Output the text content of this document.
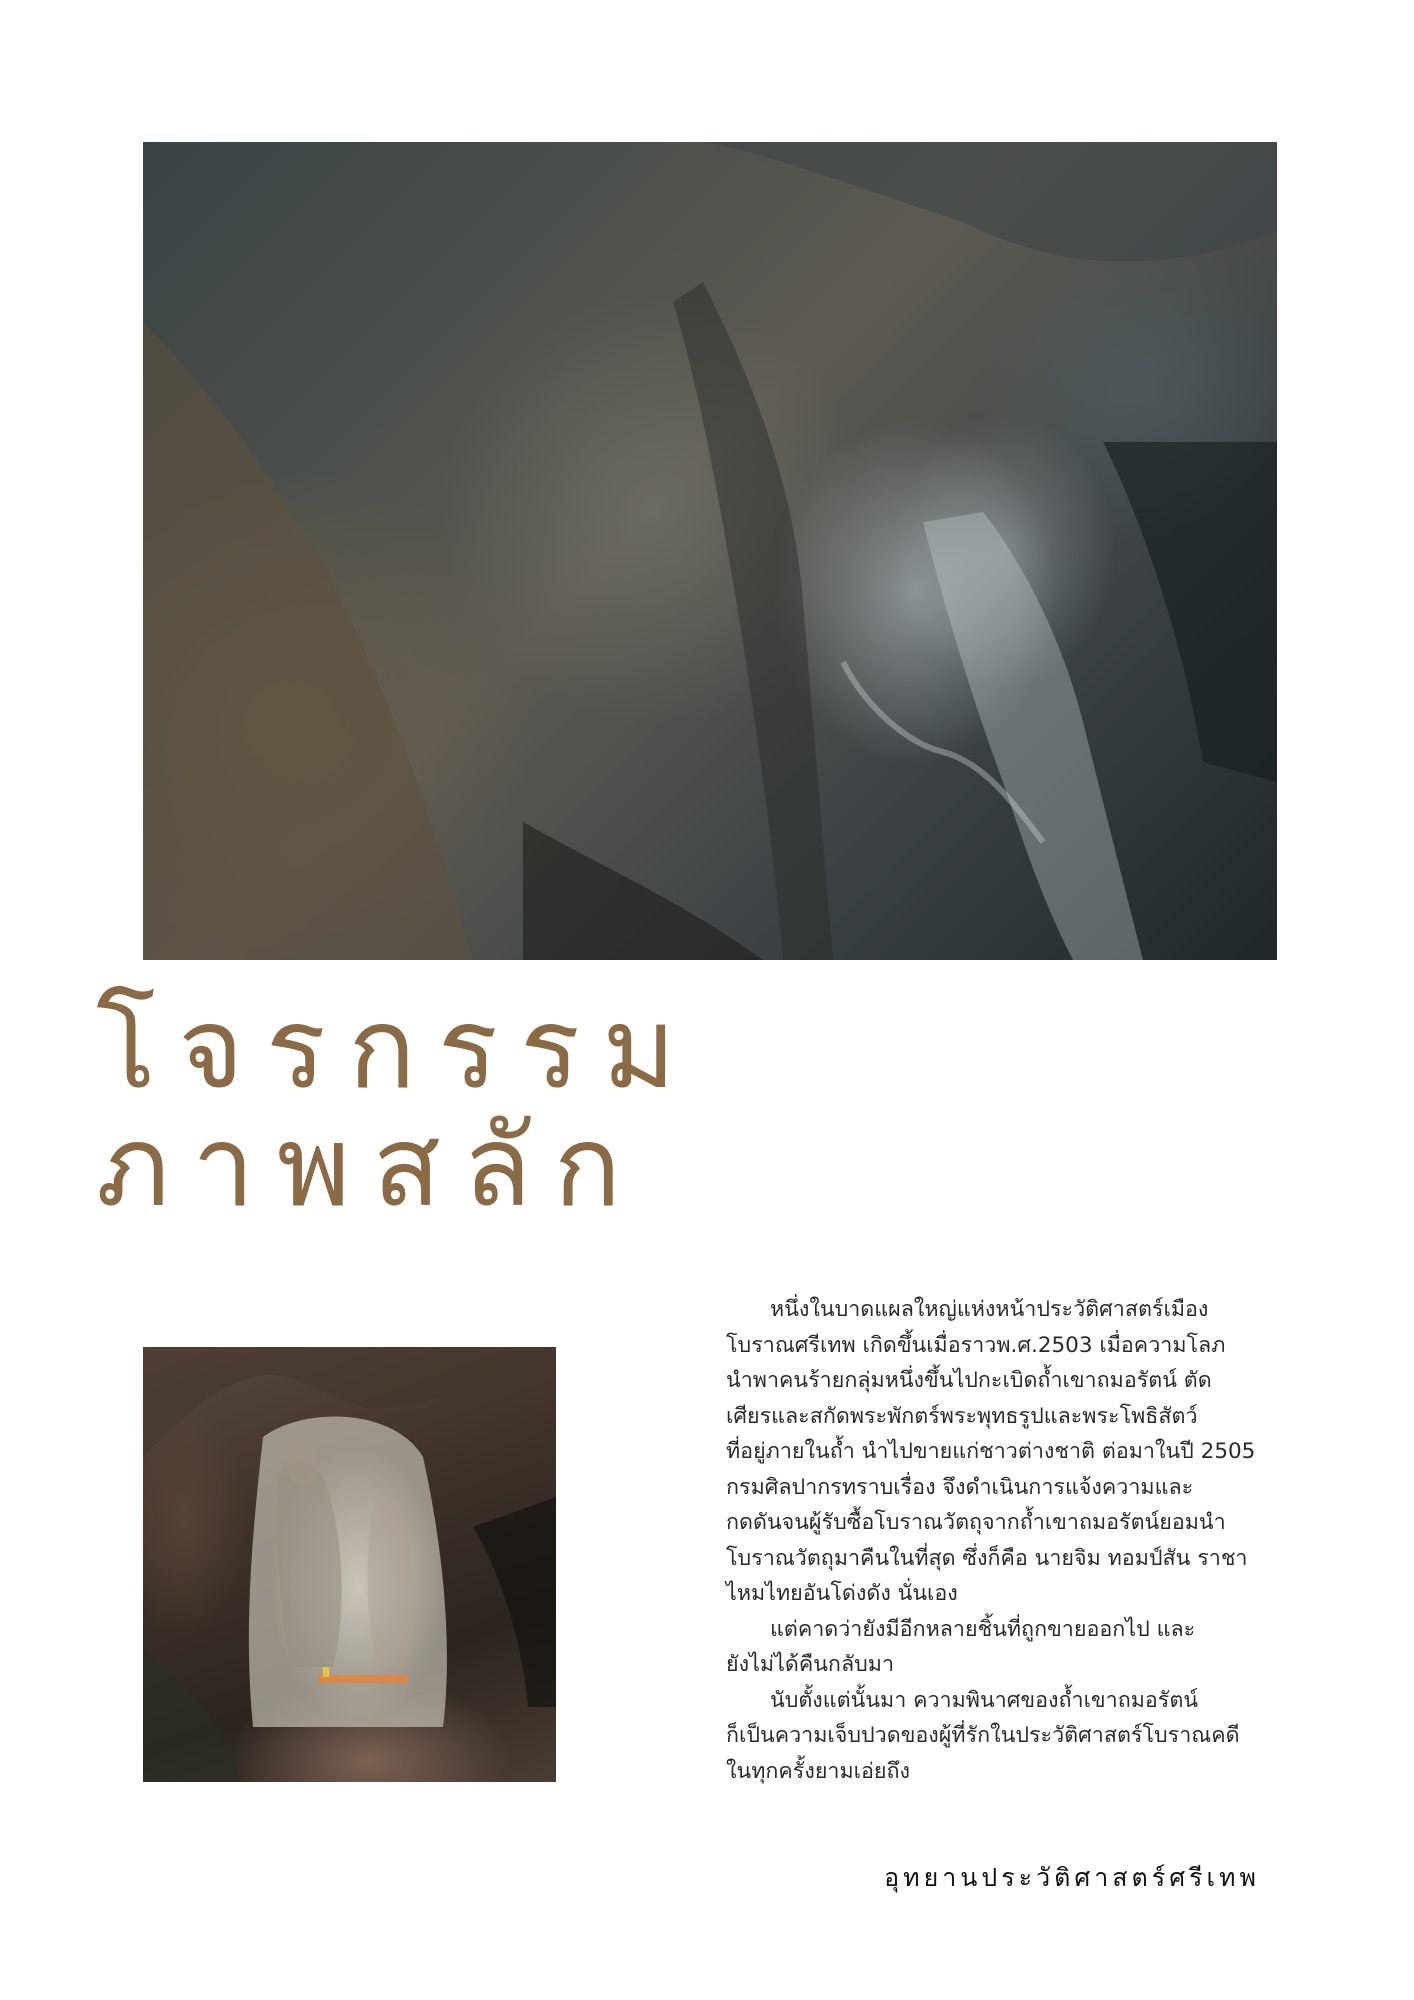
โจรกรรม
ภาพสลัก
หนึ่งในบาดแผลใหญ่แห่งหน้าประวัติศาสตร์เมือง
โบราณศรีเทพ เกิดขึ้นเมื่อราวพ.ศ.2503 เมื่อความโลภ
นำพาคนร้ายกลุ่มหนึ่งขึ้นไปกะเบิดถ้ำเขาถมอรัตน์ ตัด
เศียรและสกัดพระพักตร์พระพุทธรูปและพระโพธิสัตว์
ที่อยู่ภายในถ้ำ นำไปขายแก่ชาวต่างชาติ ต่อมาในปี 2505
กรมศิลปากรทราบเรื่อง จึงดำเนินการแจ้งความและ
กดดันจนผู้รับซื้อโบราณวัตถุจากถ้ำเขาถมอรัตน์ยอมนำ
โบราณวัตถุมาคืนในที่สุด ซึ่งก็คือ นายจิม ทอมป์สัน ราชา
ไหมไทยอันโด่งดัง นั่นเอง
แต่คาดว่ายังมีอีกหลายชิ้นที่ถูกขายออกไป และ
ยังไม่ได้คืนกลับมา
นับตั้งแต่นั้นมา ความพินาศของถ้ำเขาถมอรัตน์
ก็เป็นความเจ็บปวดของผู้ที่รักในประวัติศาสตร์โบราณคดี
ในทุกครั้งยามเอ่ยถึง
อุทยานประวัติศาสตร์ศรีเทพ
